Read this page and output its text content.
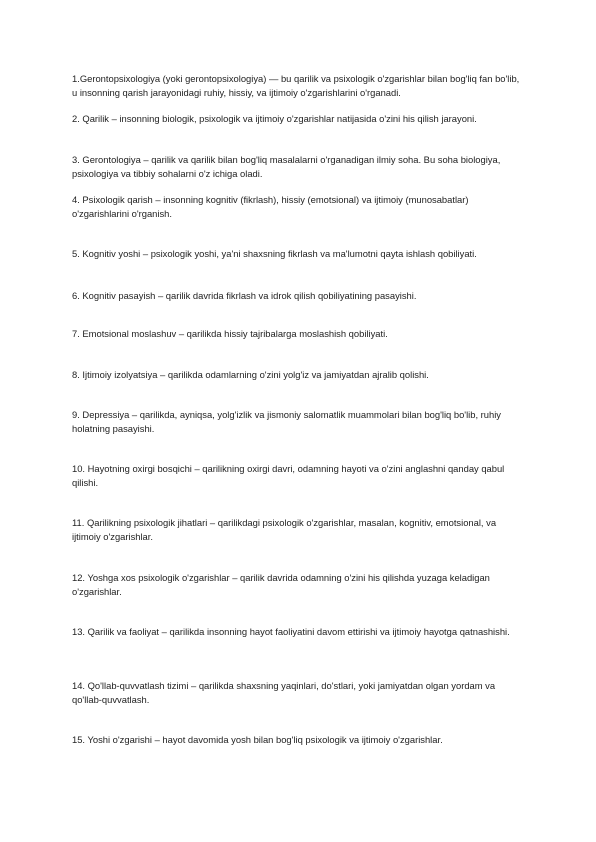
1.Gerontopsixologiya (yoki gerontopsixologiya) — bu qarilik va psixologik o'zgarishlar bilan bog'liq fan bo'lib, u insonning qarish jarayonidagi ruhiy, hissiy, va ijtimoiy o'zgarishlarini o'rganadi.

2. Qarilik – insonning biologik, psixologik va ijtimoiy o'zgarishlar natijasida o'zini his qilish jarayoni.

3. Gerontologiya – qarilik va qarilik bilan bog'liq masalalarni o'rganadigan ilmiy soha. Bu soha biologiya, psixologiya va tibbiy sohalarni o'z ichiga oladi.

4. Psixologik qarish – insonning kognitiv (fikrlash), hissiy (emotsional) va ijtimoiy (munosabatlar) o'zgarishlarini o'rganish.

5. Kognitiv yoshi – psixologik yoshi, ya'ni shaxsning fikrlash va ma'lumotni qayta ishlash qobiliyati.

6. Kognitiv pasayish – qarilik davrida fikrlash va idrok qilish qobiliyatining pasayishi.

7. Emotsional moslashuv – qarilikda hissiy tajribalarga moslashish qobiliyati.

8. Ijtimoiy izolyatsiya – qarilikda odamlarning o'zini yolg'iz va jamiyatdan ajralib qolishi.

9. Depressiya – qarilikda, ayniqsa, yolg'izlik va jismoniy salomatlik muammolari bilan bog'liq bo'lib, ruhiy holatning pasayishi.

10. Hayotning oxirgi bosqichi – qarilikning oxirgi davri, odamning hayoti va o'zini anglashni qanday qabul qilishi.

11. Qarilikning psixologik jihatlari – qarilikdagi psixologik o'zgarishlar, masalan, kognitiv, emotsional, va ijtimoiy o'zgarishlar.

12. Yoshga xos psixologik o'zgarishlar – qarilik davrida odamning o'zini his qilishda yuzaga keladigan o'zgarishlar.

13. Qarilik va faoliyat – qarilikda insonning hayot faoliyatini davom ettirishi va ijtimoiy hayotga qatnashishi.

14. Qo'llab-quvvatlash tizimi – qarilikda shaxsning yaqinlari, do'stlari, yoki jamiyatdan olgan yordam va qo'llab-quvvatlash.

15. Yoshi o'zgarishi – hayot davomida yosh bilan bog'liq psixologik va ijtimoiy o'zgarishlar.
